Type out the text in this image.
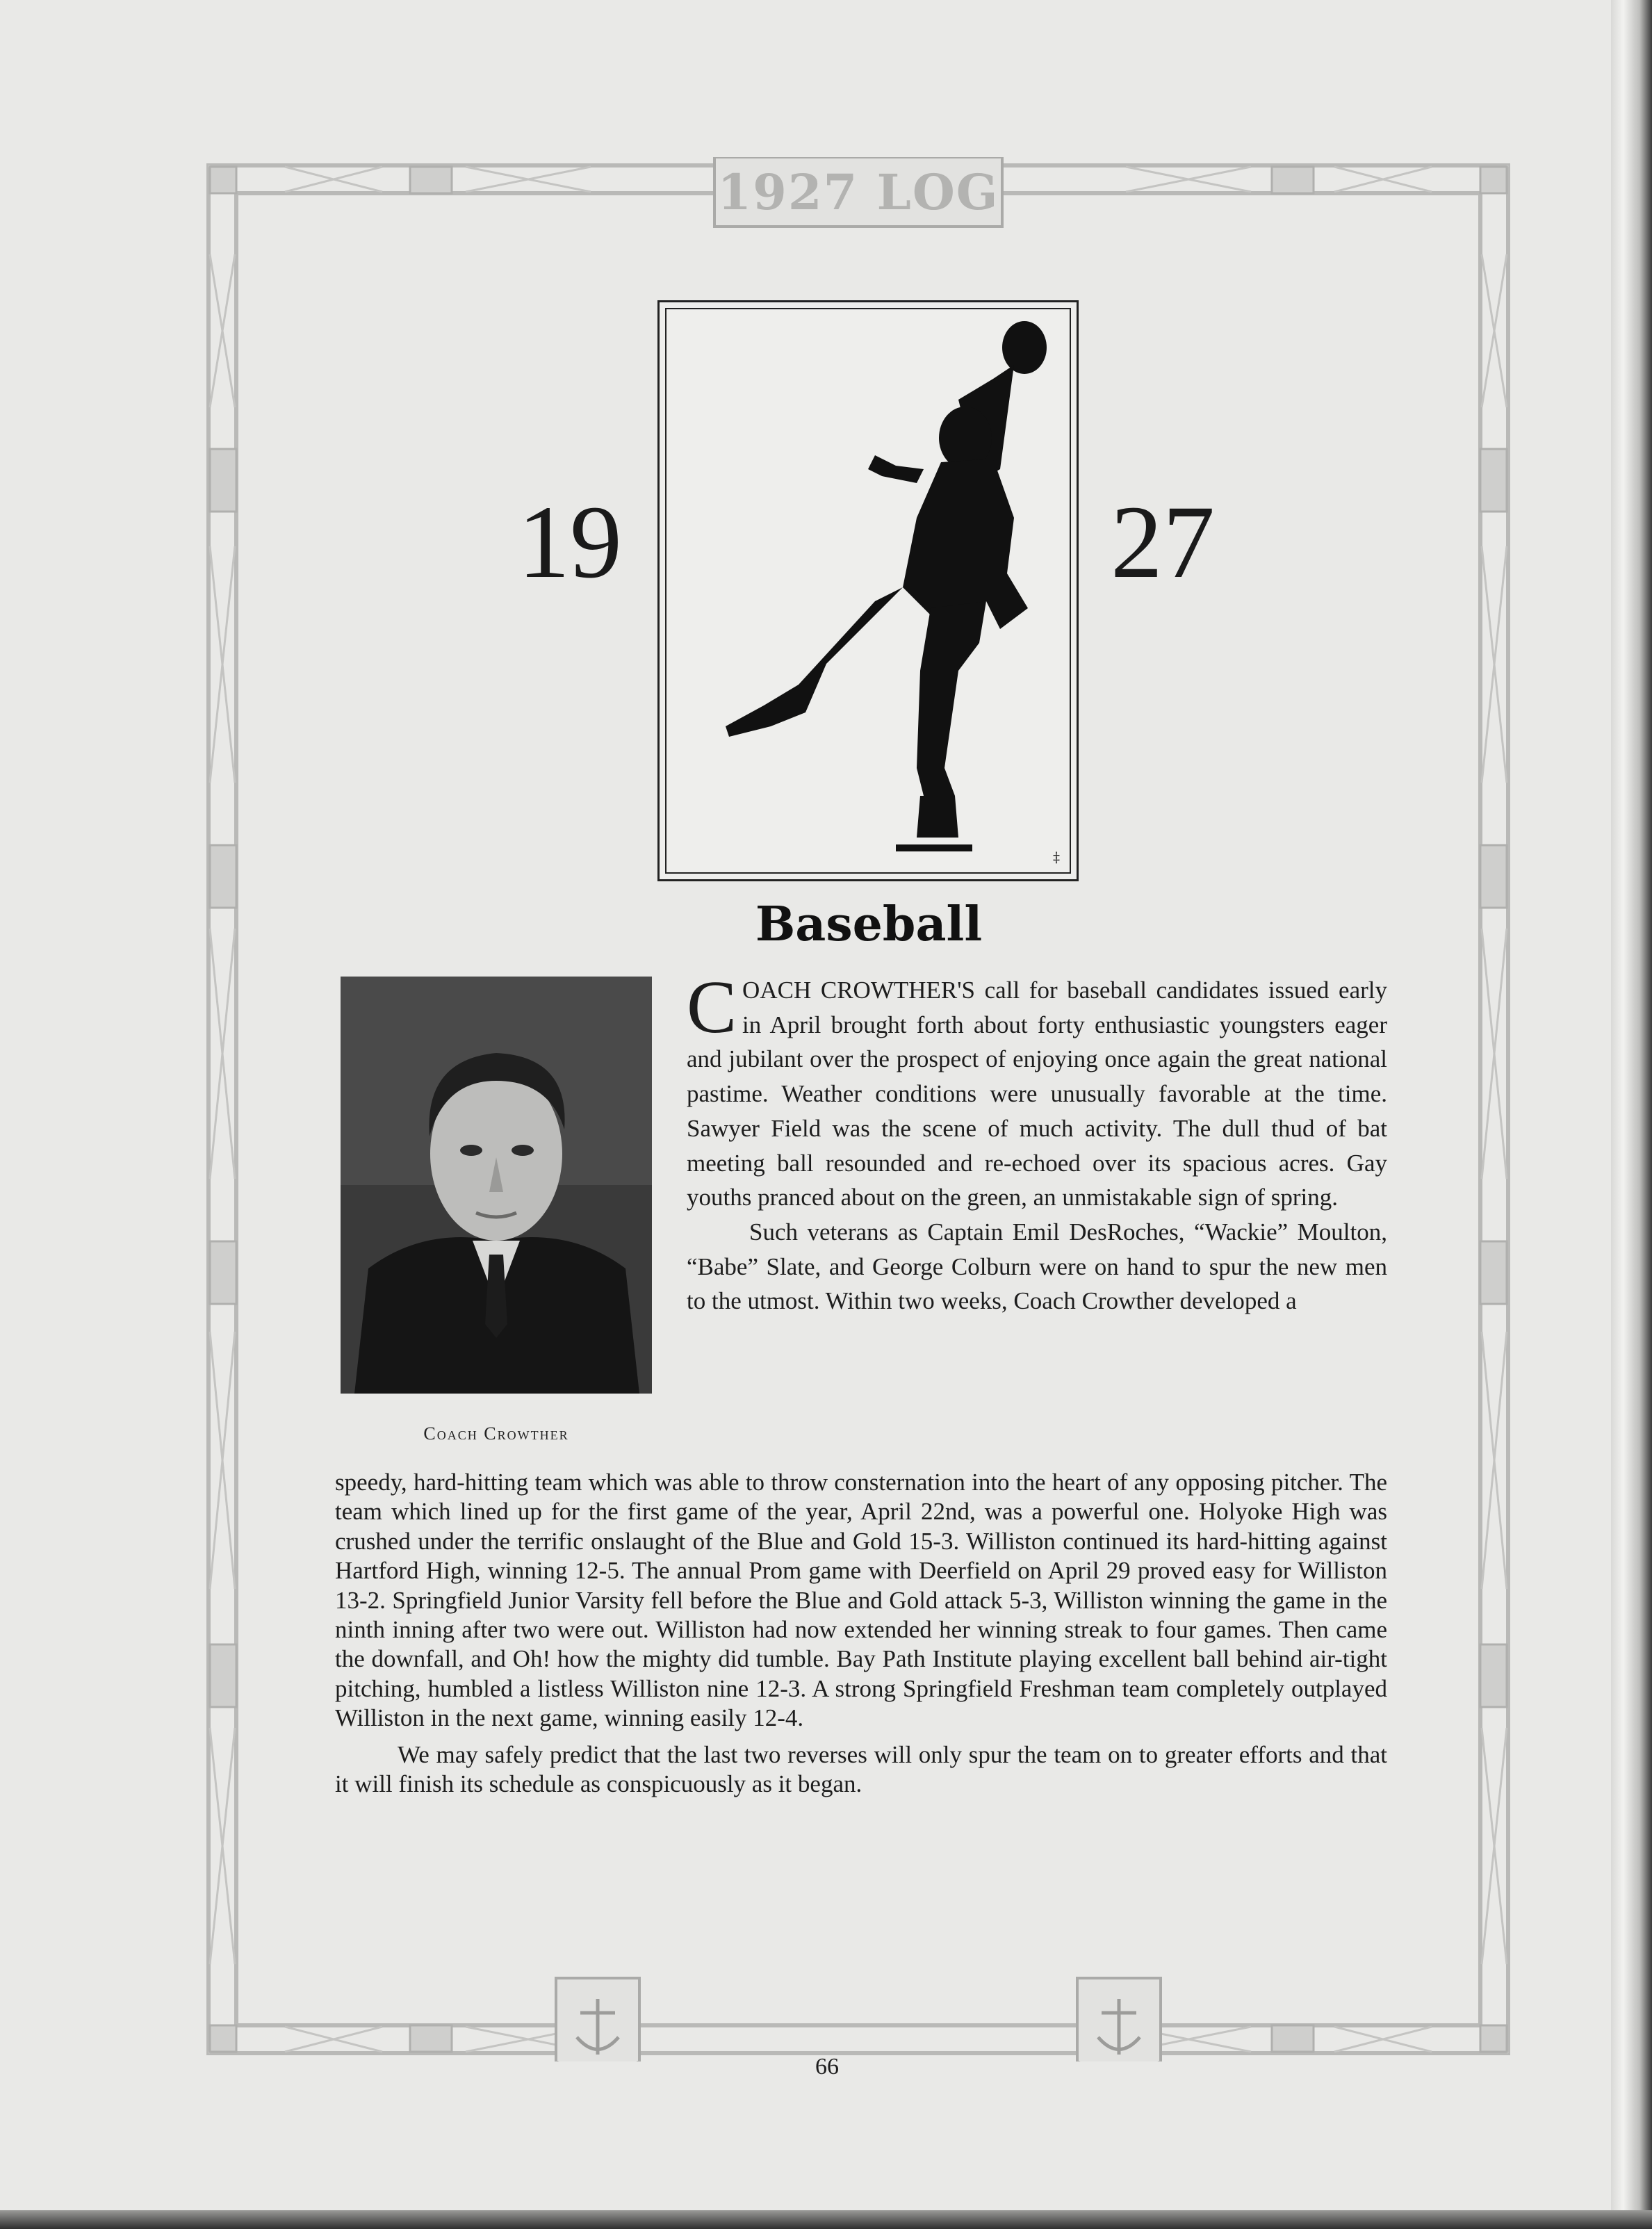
1927 LOG
19	27
‡
Baseball
Coach Crowther

COACH CROWTHER'S call for baseball candidates issued early in April brought forth about forty enthusiastic youngsters eager and jubilant over the prospect of enjoying once again the great national pastime. Weather conditions were unusually favorable at the time. Sawyer Field was the scene of much activity. The dull thud of bat meeting ball resounded and re-echoed over its spacious acres. Gay youths pranced about on the green, an unmistakable sign of spring.

Such veterans as Captain Emil DesRoches, “Wackie” Moulton, “Babe” Slate, and George Colburn were on hand to spur the new men to the utmost. Within two weeks, Coach Crowther developed a

speedy, hard-hitting team which was able to throw consternation into the heart of any opposing pitcher. The team which lined up for the first game of the year, April 22nd, was a powerful one. Holyoke High was crushed under the terrific onslaught of the Blue and Gold 15-3. Williston continued its hard-hitting against Hartford High, winning 12-5. The annual Prom game with Deerfield on April 29 proved easy for Williston 13-2. Springfield Junior Varsity fell before the Blue and Gold attack 5-3, Williston winning the game in the ninth inning after two were out. Williston had now extended her winning streak to four games. Then came the downfall, and Oh! how the mighty did tumble. Bay Path Institute playing excellent ball behind air-tight pitching, humbled a listless Williston nine 12-3. A strong Springfield Freshman team completely outplayed Williston in the next game, winning easily 12-4.

We may safely predict that the last two reverses will only spur the team on to greater efforts and that it will finish its schedule as conspicuously as it began.

66
